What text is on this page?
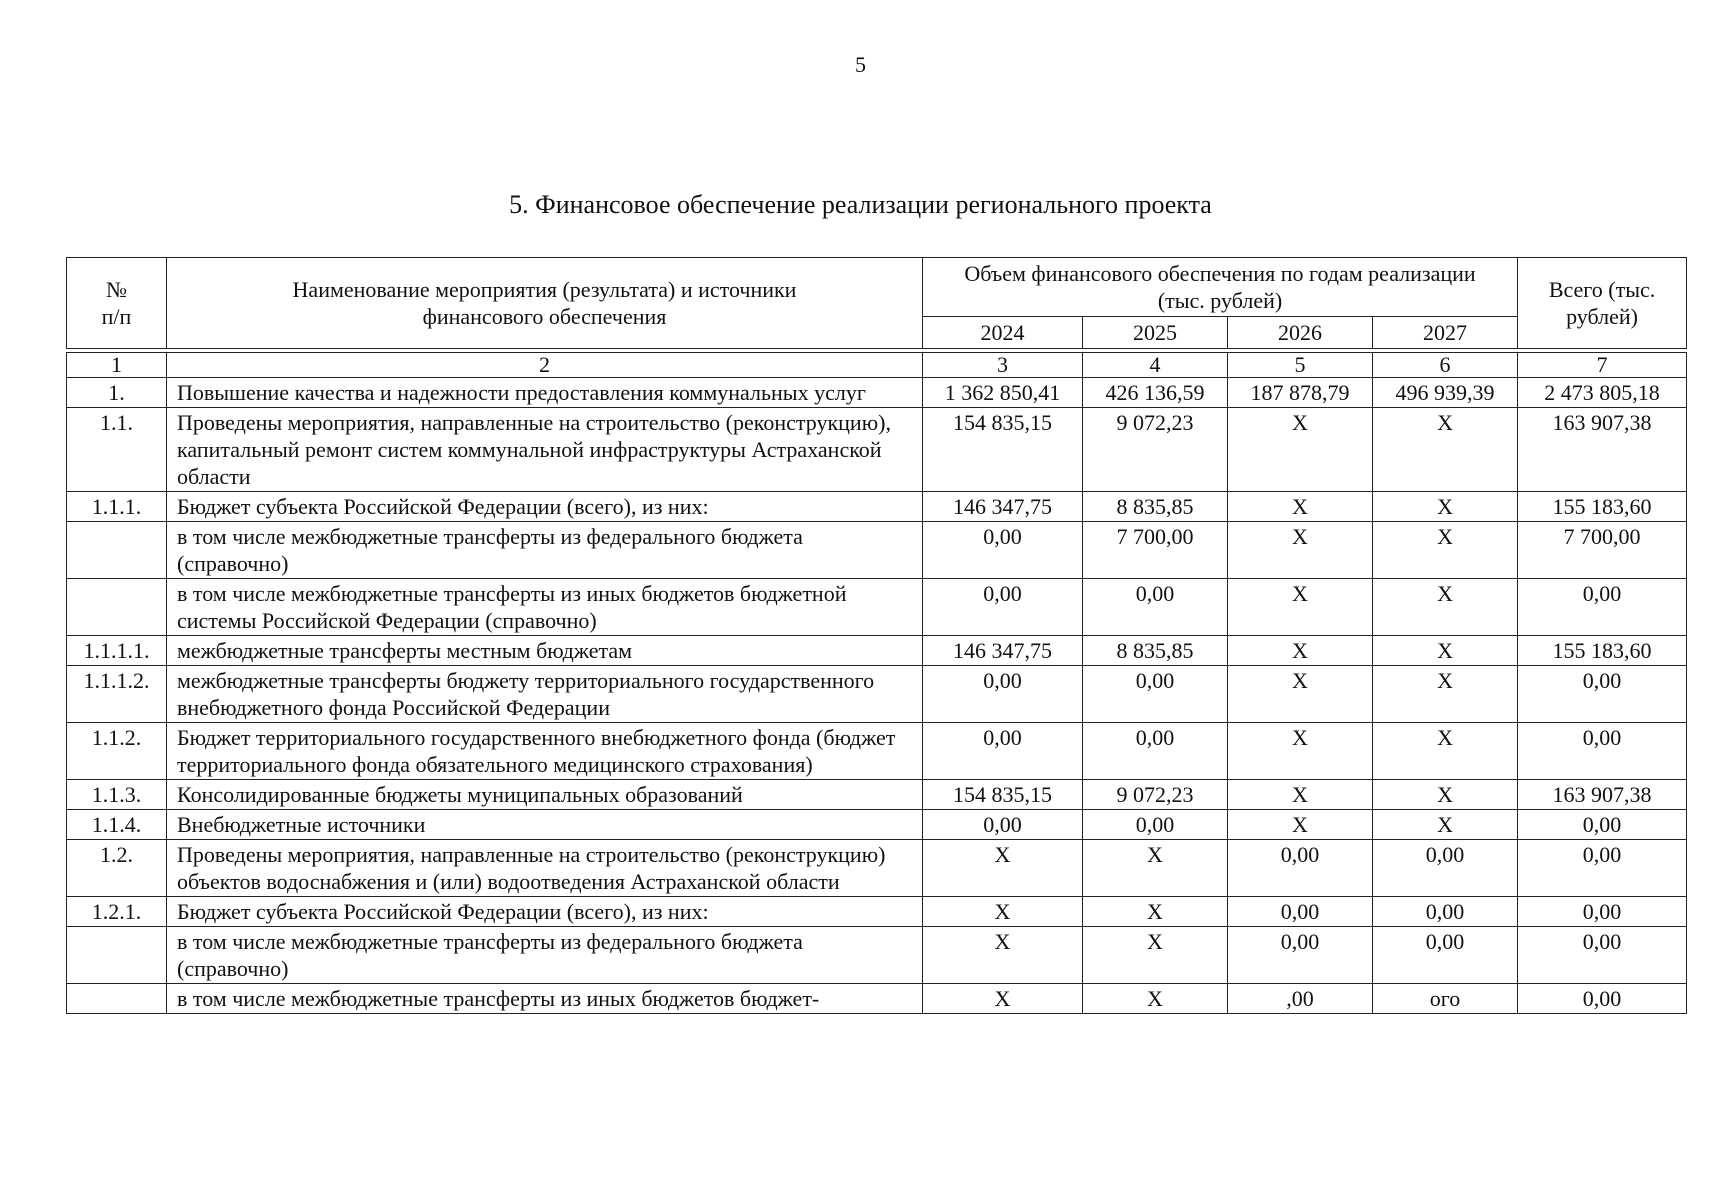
5
5. Финансовое обеспечение реализации регионального проекта
№
п/п	Наименование мероприятия (результата) и источники финансового обеспечения	Объем финансового обеспечения по годам реализации (тыс. рублей)				Всего (тыс. рублей)
		2024	2025	2026	2027	

1	2	3	4	5	6	7
1.	Повышение качества и надежности предоставления коммунальных услуг	1 362 850,41	426 136,59	187 878,79	496 939,39	2 473 805,18
1.1.	Проведены мероприятия, направленные на строительство (реконструкцию), капитальный ремонт систем коммунальной инфраструктуры Астраханской области	154 835,15	9 072,23	X	X	163 907,38
1.1.1.	Бюджет субъекта Российской Федерации (всего), из них:	146 347,75	8 835,85	X	X	155 183,60
	в том числе межбюджетные трансферты из федерального бюджета (справочно)	0,00	7 700,00	X	X	7 700,00
	в том числе межбюджетные трансферты из иных бюджетов бюджетной системы Российской Федерации (справочно)	0,00	0,00	X	X	0,00
1.1.1.1.	межбюджетные трансферты местным бюджетам	146 347,75	8 835,85	X	X	155 183,60
1.1.1.2.	межбюджетные трансферты бюджету территориального государственного внебюджетного фонда Российской Федерации	0,00	0,00	X	X	0,00
1.1.2.	Бюджет территориального государственного внебюджетного фонда (бюджет территориального фонда обязательного медицинского страхования)	0,00	0,00	X	X	0,00
1.1.3.	Консолидированные бюджеты муниципальных образований	154 835,15	9 072,23	X	X	163 907,38
1.1.4.	Внебюджетные источники	0,00	0,00	X	X	0,00
1.2.	Проведены мероприятия, направленные на строительство (реконструкцию) объектов водоснабжения и (или) водоотведения Астраханской области	X	X	0,00	0,00	0,00
1.2.1.	Бюджет субъекта Российской Федерации (всего), из них:	X	X	0,00	0,00	0,00
	в том числе межбюджетные трансферты из федерального бюджета (справочно)	X	X	0,00	0,00	0,00
	в том числе межбюджетные трансферты из иных бюджетов бюджет-	X	X	,00	ого	0,00
